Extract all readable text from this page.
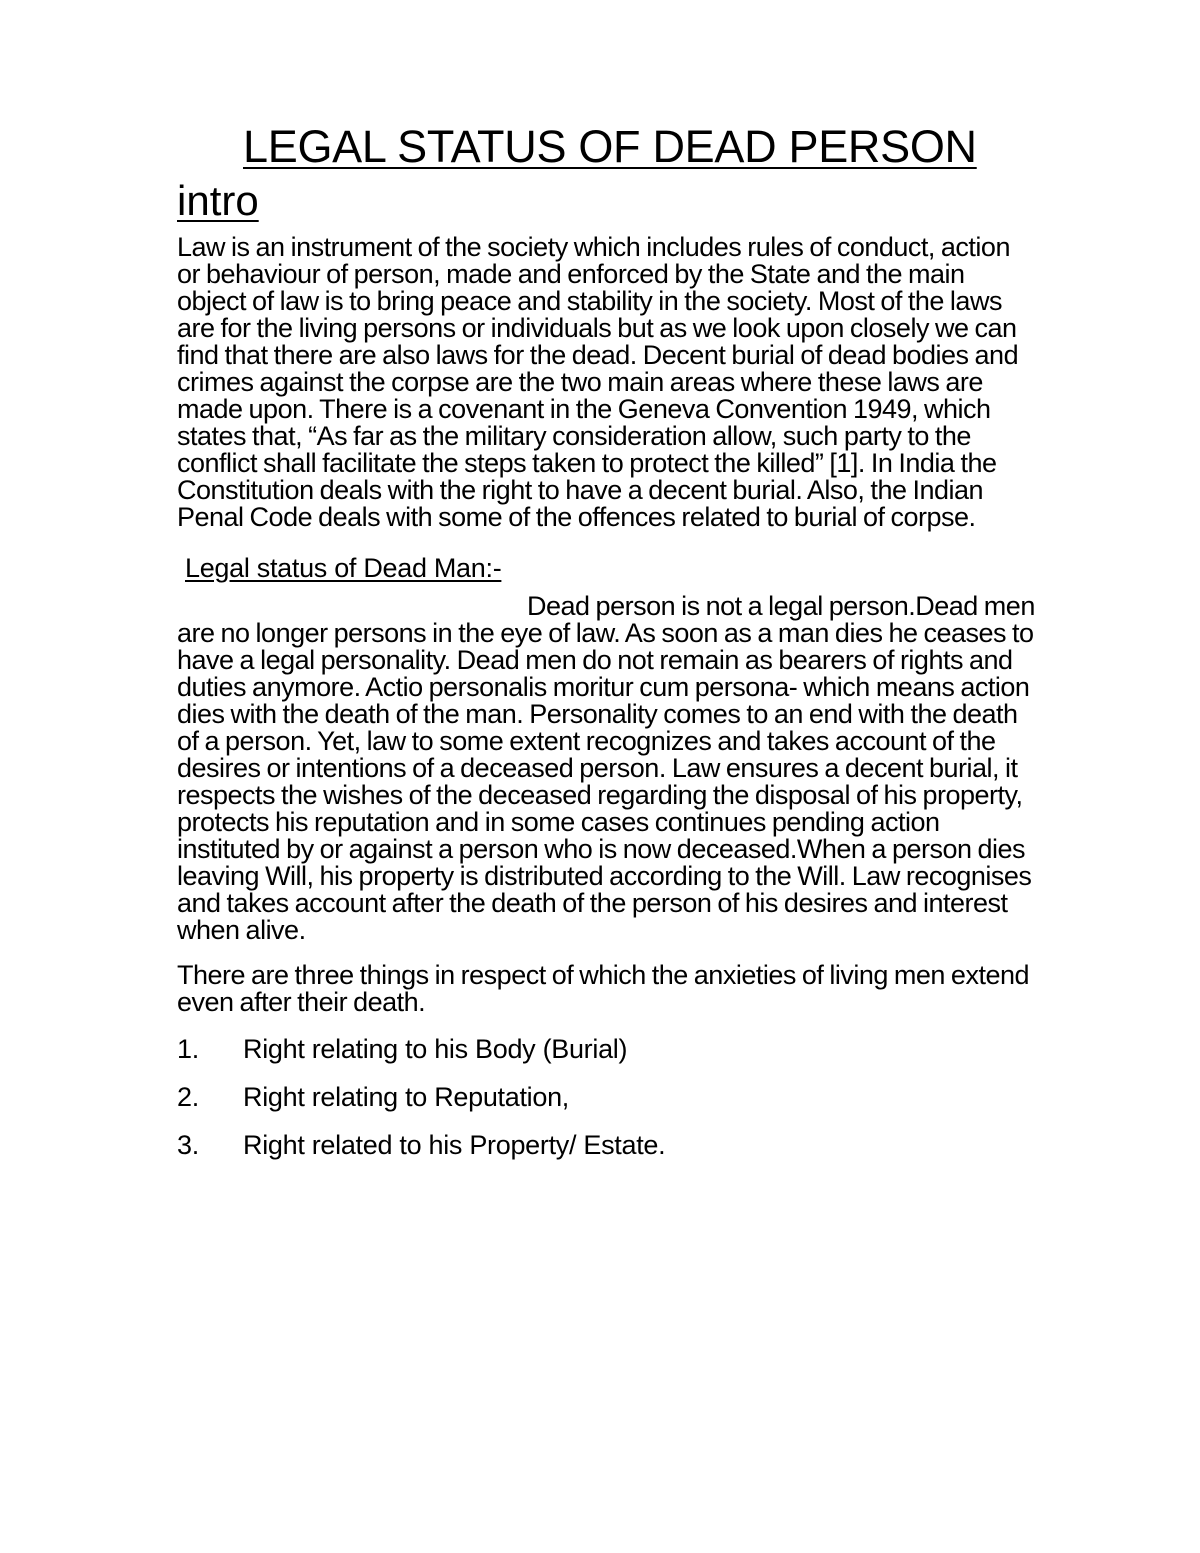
LEGAL STATUS OF DEAD PERSON
intro

Law is an instrument of the society which includes rules of conduct, action or behaviour of person, made and enforced by the State and the main object of law is to bring peace and stability in the society. Most of the laws are for the living persons or individuals but as we look upon closely we can find that there are also laws for the dead. Decent burial of dead bodies and crimes against the corpse are the two main areas where these laws are made upon. There is a covenant in the Geneva Convention 1949, which states that, “As far as the military consideration allow, such party to the conflict shall facilitate the steps taken to protect the killed” [1]. In India the Constitution deals with the right to have a decent burial. Also, the Indian Penal Code deals with some of the offences related to burial of corpse.

Legal status of Dead Man:-

Dead person is not a legal person.Dead men are no longer persons in the eye of law. As soon as a man dies he ceases to have a legal personality. Dead men do not remain as bearers of rights and duties anymore. Actio personalis moritur cum persona- which means action dies with the death of the man. Personality comes to an end with the death of a person. Yet, law to some extent recognizes and takes account of the desires or intentions of a deceased person. Law ensures a decent burial, it respects the wishes of the deceased regarding the disposal of his property, protects his reputation and in some cases continues pending action instituted by or against a person who is now deceased.When a person dies leaving Will, his property is distributed according to the Will. Law recognises and takes account after the death of the person of his desires and interest when alive.

There are three things in respect of which the anxieties of living men extend even after their death.

1.	Right relating to his Body (Burial)
2.	Right relating to Reputation,
3.	Right related to his Property/ Estate.
